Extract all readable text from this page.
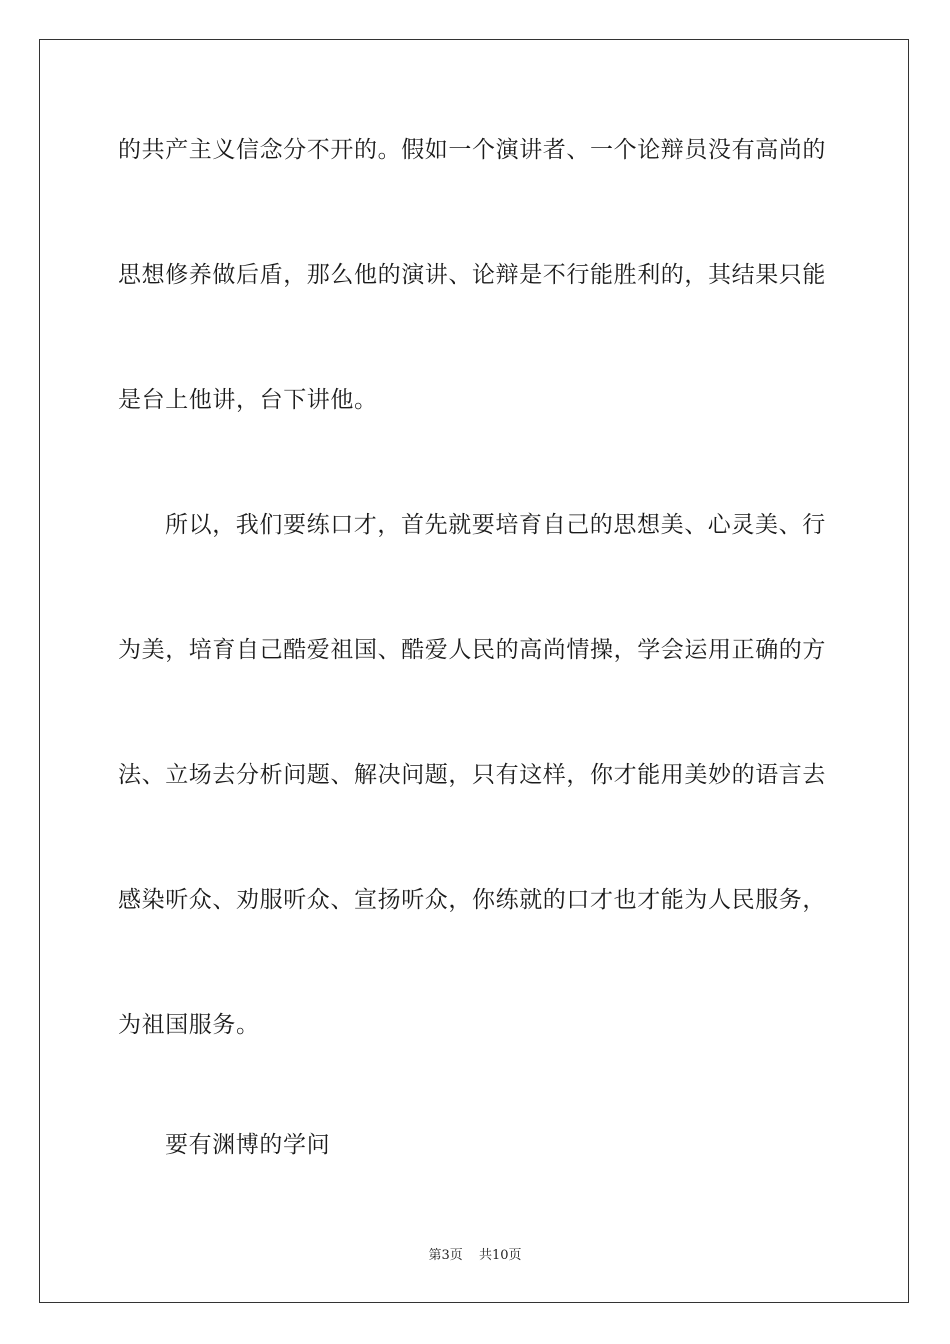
的共产主义信念分不开的。假如一个演讲者、一个论辩员没有高尚的
思想修养做后盾，那么他的演讲、论辩是不行能胜利的，其结果只能
是台上他讲，台下讲他。
所以，我们要练口才，首先就要培育自己的思想美、心灵美、行
为美，培育自己酷爱祖国、酷爱人民的高尚情操，学会运用正确的方
法、立场去分析问题、解决问题，只有这样，你才能用美妙的语言去
感染听众、劝服听众、宣扬听众，你练就的口才也才能为人民服务，
为祖国服务。
要有渊博的学问
第3页 共10页
